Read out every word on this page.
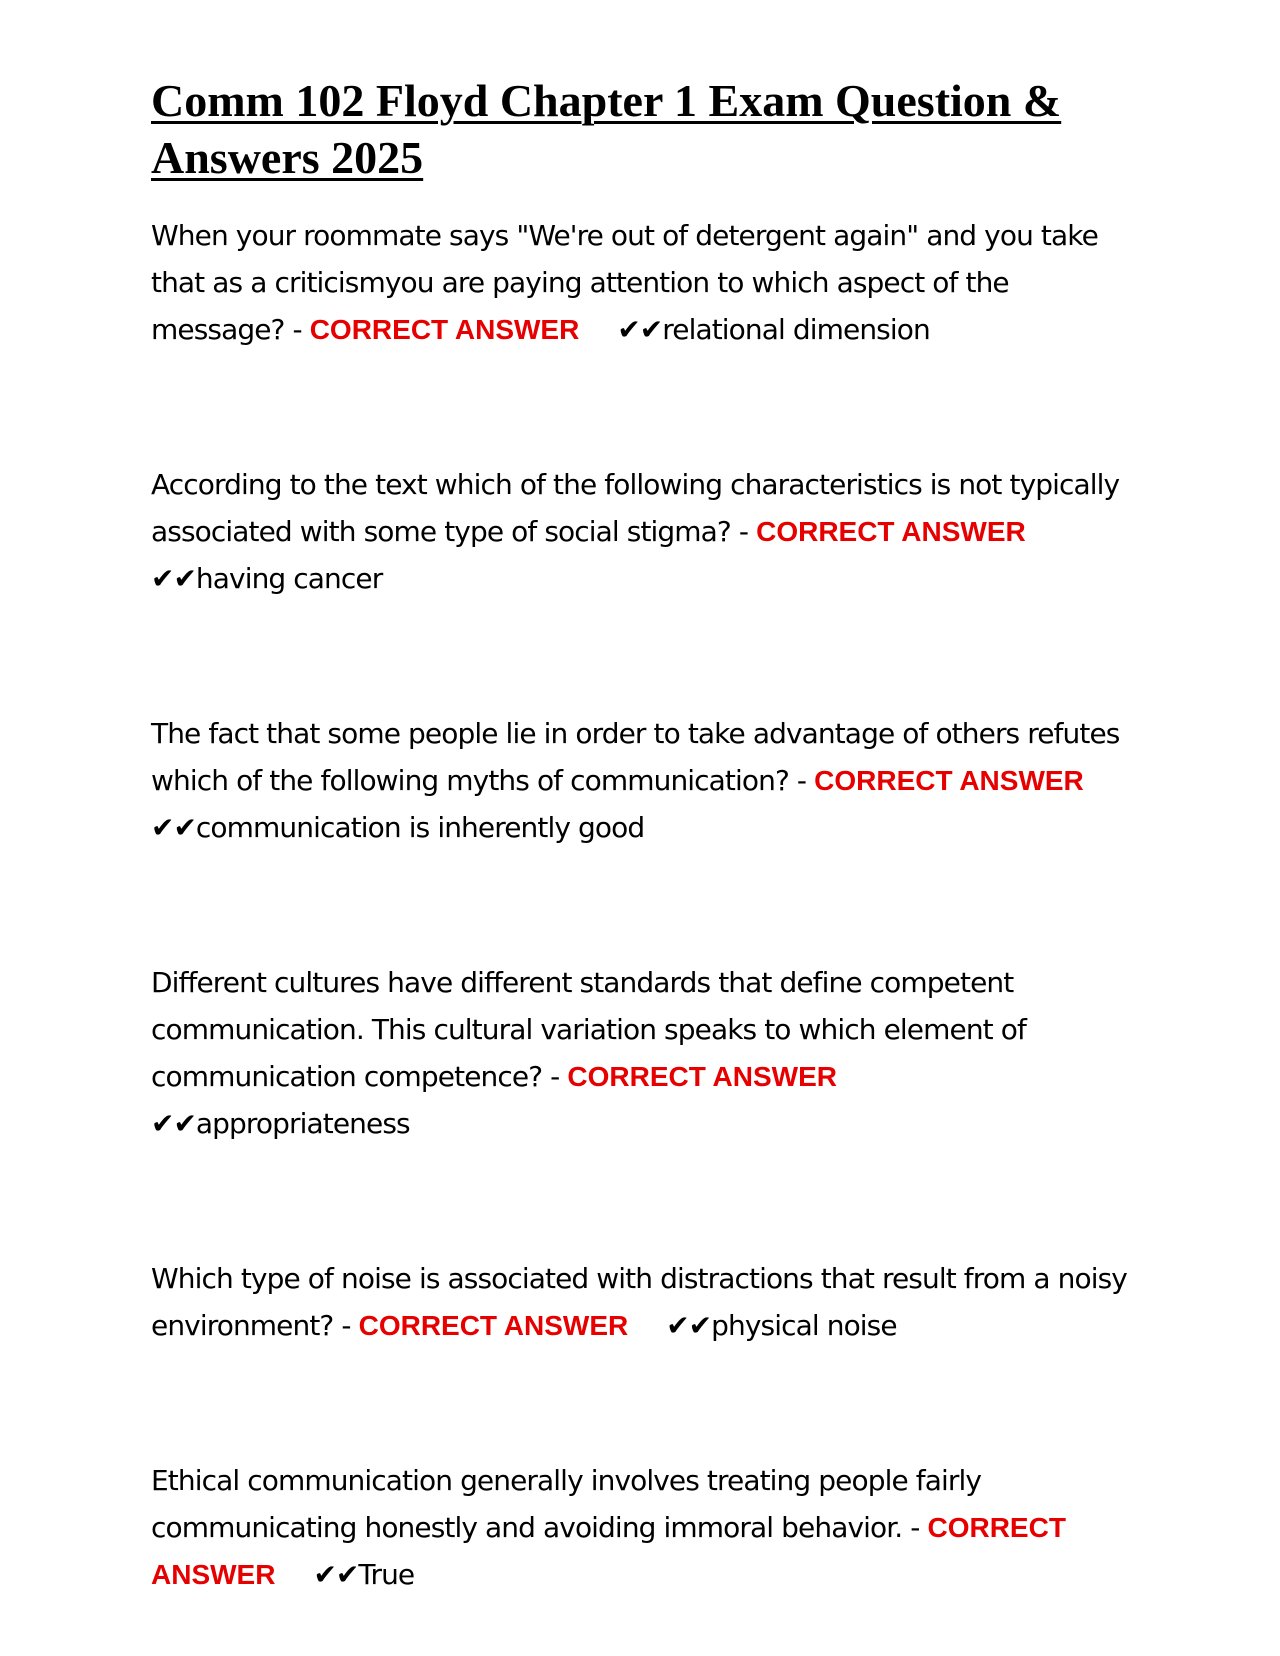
Comm 102 Floyd Chapter 1 Exam Question & Answers 2025
When your roommate says "We're out of detergent again" and you take that as a criticismyou are paying attention to which aspect of the message? - CORRECT ANSWER ✔✔relational dimension
According to the text which of the following characteristics is not typically associated with some type of social stigma? - CORRECT ANSWER✔✔having cancer
The fact that some people lie in order to take advantage of others refutes which of the following myths of communication? - CORRECT ANSWER✔✔communication is inherently good
Different cultures have different standards that define competent communication. This cultural variation speaks to which element of communication competence? - CORRECT ANSWER
✔✔appropriateness
Which type of noise is associated with distractions that result from a noisy environment? - CORRECT ANSWER ✔✔physical noise
Ethical communication generally involves treating people fairly communicating honestly and avoiding immoral behavior. - CORRECT ANSWER ✔✔True
